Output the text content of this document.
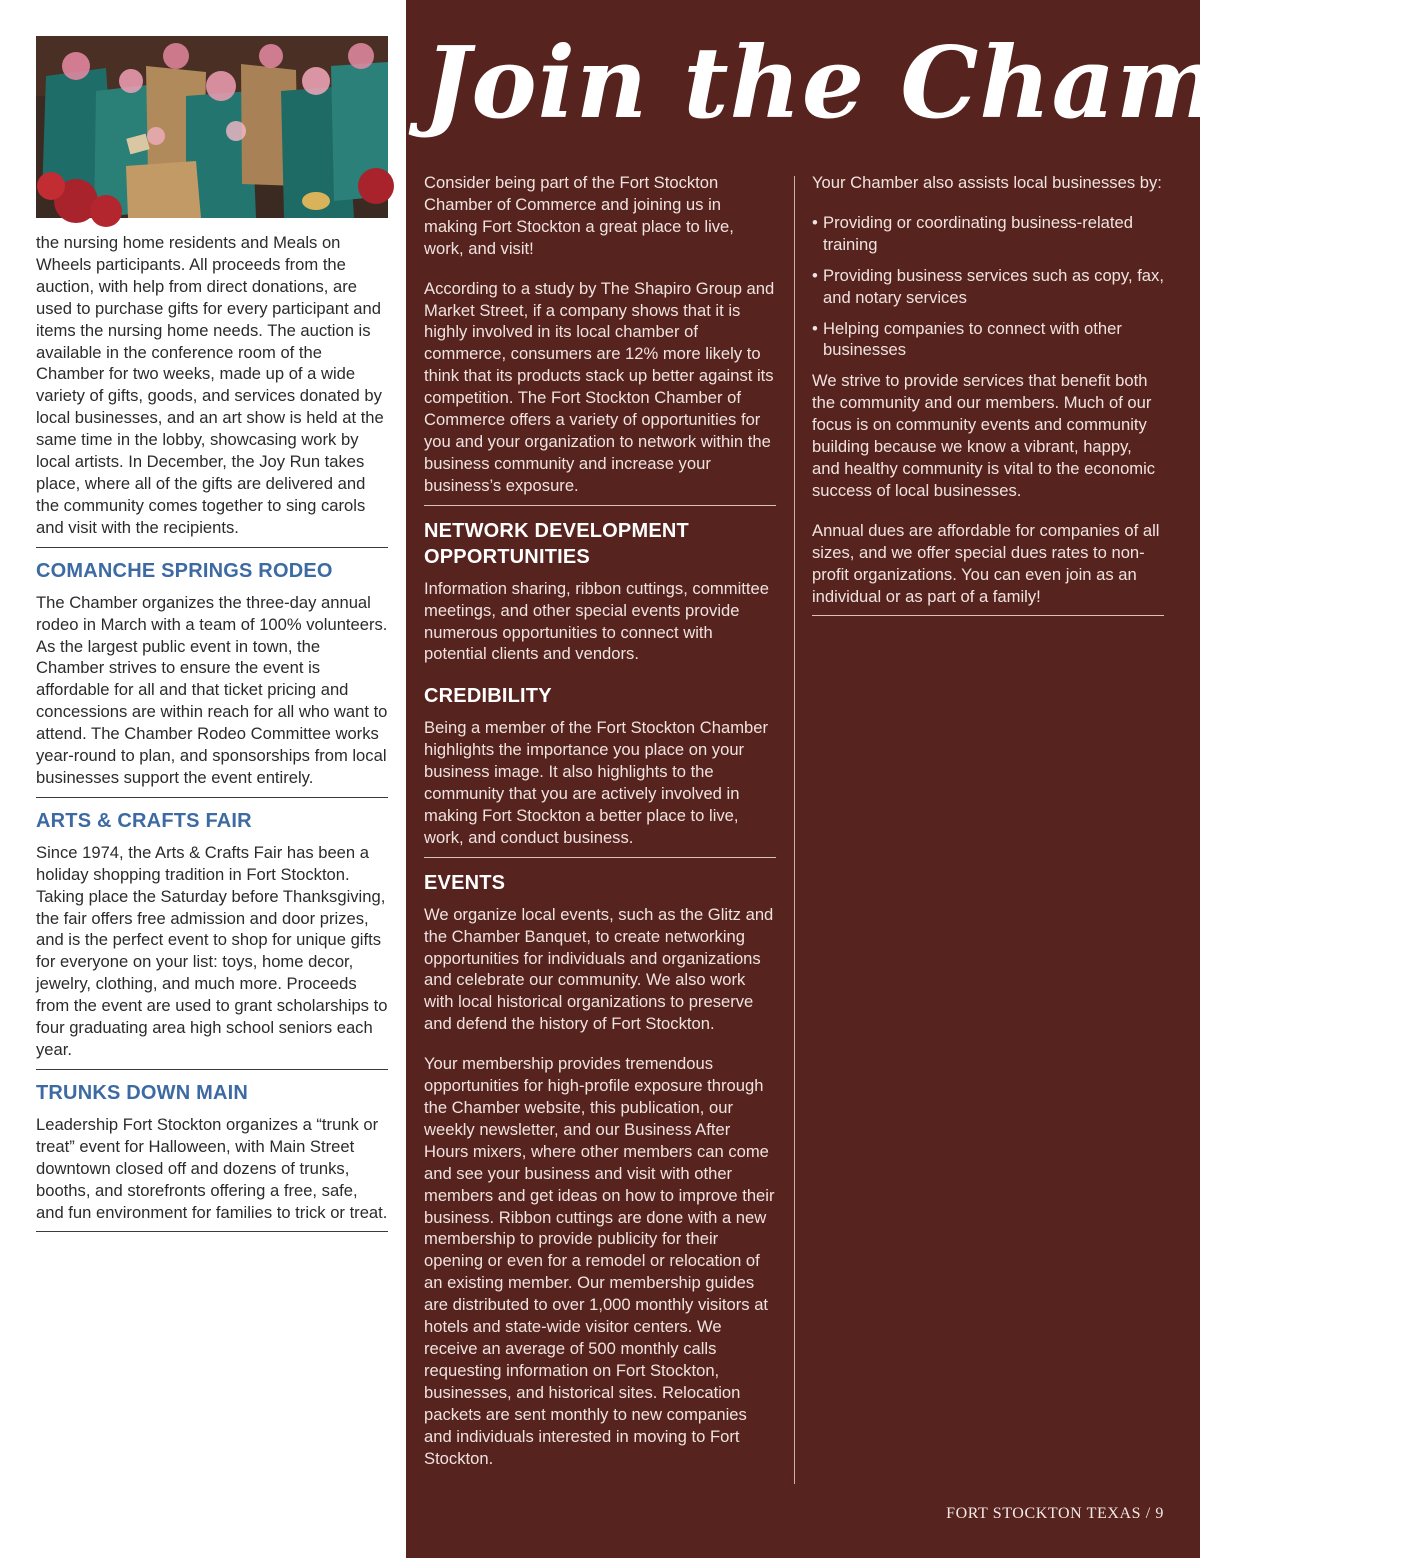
the nursing home residents and Meals on Wheels participants. All proceeds from the auction, with help from direct donations, are used to purchase gifts for every participant and items the nursing home needs. The auction is available in the conference room of the Chamber for two weeks, made up of a wide variety of gifts, goods, and services donated by local businesses, and an art show is held at the same time in the lobby, showcasing work by local artists. In December, the Joy Run takes place, where all of the gifts are delivered and the community comes together to sing carols and visit with the recipients.

COMANCHE SPRINGS RODEO

The Chamber organizes the three-day annual rodeo in March with a team of 100% volunteers. As the largest public event in town, the Chamber strives to ensure the event is affordable for all and that ticket pricing and concessions are within reach for all who want to attend. The Chamber Rodeo Committee works year-round to plan, and sponsorships from local businesses support the event entirely.

ARTS & CRAFTS FAIR

Since 1974, the Arts & Crafts Fair has been a holiday shopping tradition in Fort Stockton. Taking place the Saturday before Thanksgiving, the fair offers free admission and door prizes, and is the perfect event to shop for unique gifts for everyone on your list: toys, home decor, jewelry, clothing, and much more. Proceeds from the event are used to grant scholarships to four graduating area high school seniors each year.

TRUNKS DOWN MAIN

Leadership Fort Stockton organizes a “trunk or treat” event for Halloween, with Main Street downtown closed off and dozens of trunks, booths, and storefronts offering a free, safe, and fun environment for families to trick or treat.

Join the Chamber

Consider being part of the Fort Stockton Chamber of Commerce and joining us in making Fort Stockton a great place to live, work, and visit!

According to a study by The Shapiro Group and Market Street, if a company shows that it is highly involved in its local chamber of commerce, consumers are 12% more likely to think that its products stack up better against its competition. The Fort Stockton Chamber of Commerce offers a variety of opportunities for you and your organization to network within the business community and increase your business’s exposure.

NETWORK DEVELOPMENT OPPORTUNITIES

Information sharing, ribbon cuttings, committee meetings, and other special events provide numerous opportunities to connect with potential clients and vendors.

CREDIBILITY

Being a member of the Fort Stockton Chamber highlights the importance you place on your business image. It also highlights to the community that you are actively involved in making Fort Stockton a better place to live, work, and conduct business.

EVENTS

We organize local events, such as the Glitz and the Chamber Banquet, to create networking opportunities for individuals and organizations and celebrate our community. We also work with local historical organizations to preserve and defend the history of Fort Stockton.

Your membership provides tremendous opportunities for high-profile exposure through the Chamber website, this publication, our weekly newsletter, and our Business After Hours mixers, where other members can come and see your business and visit with other members and get ideas on how to improve their business. Ribbon cuttings are done with a new membership to provide publicity for their opening or even for a remodel or relocation of an existing member. Our membership guides are distributed to over 1,000 monthly visitors at hotels and state-wide visitor centers. We receive an average of 500 monthly calls requesting information on Fort Stockton, businesses, and historical sites. Relocation packets are sent monthly to new companies and individuals interested in moving to Fort Stockton.

Your Chamber also assists local businesses by:

• Providing or coordinating business-related training
• Providing business services such as copy, fax, and notary services
• Helping companies to connect with other businesses

We strive to provide services that benefit both the community and our members. Much of our focus is on community events and community building because we know a vibrant, happy, and healthy community is vital to the economic success of local businesses.

Annual dues are affordable for companies of all sizes, and we offer special dues rates to non-profit organizations. You can even join as an individual or as part of a family!

FORT STOCKTON TEXAS / 9
